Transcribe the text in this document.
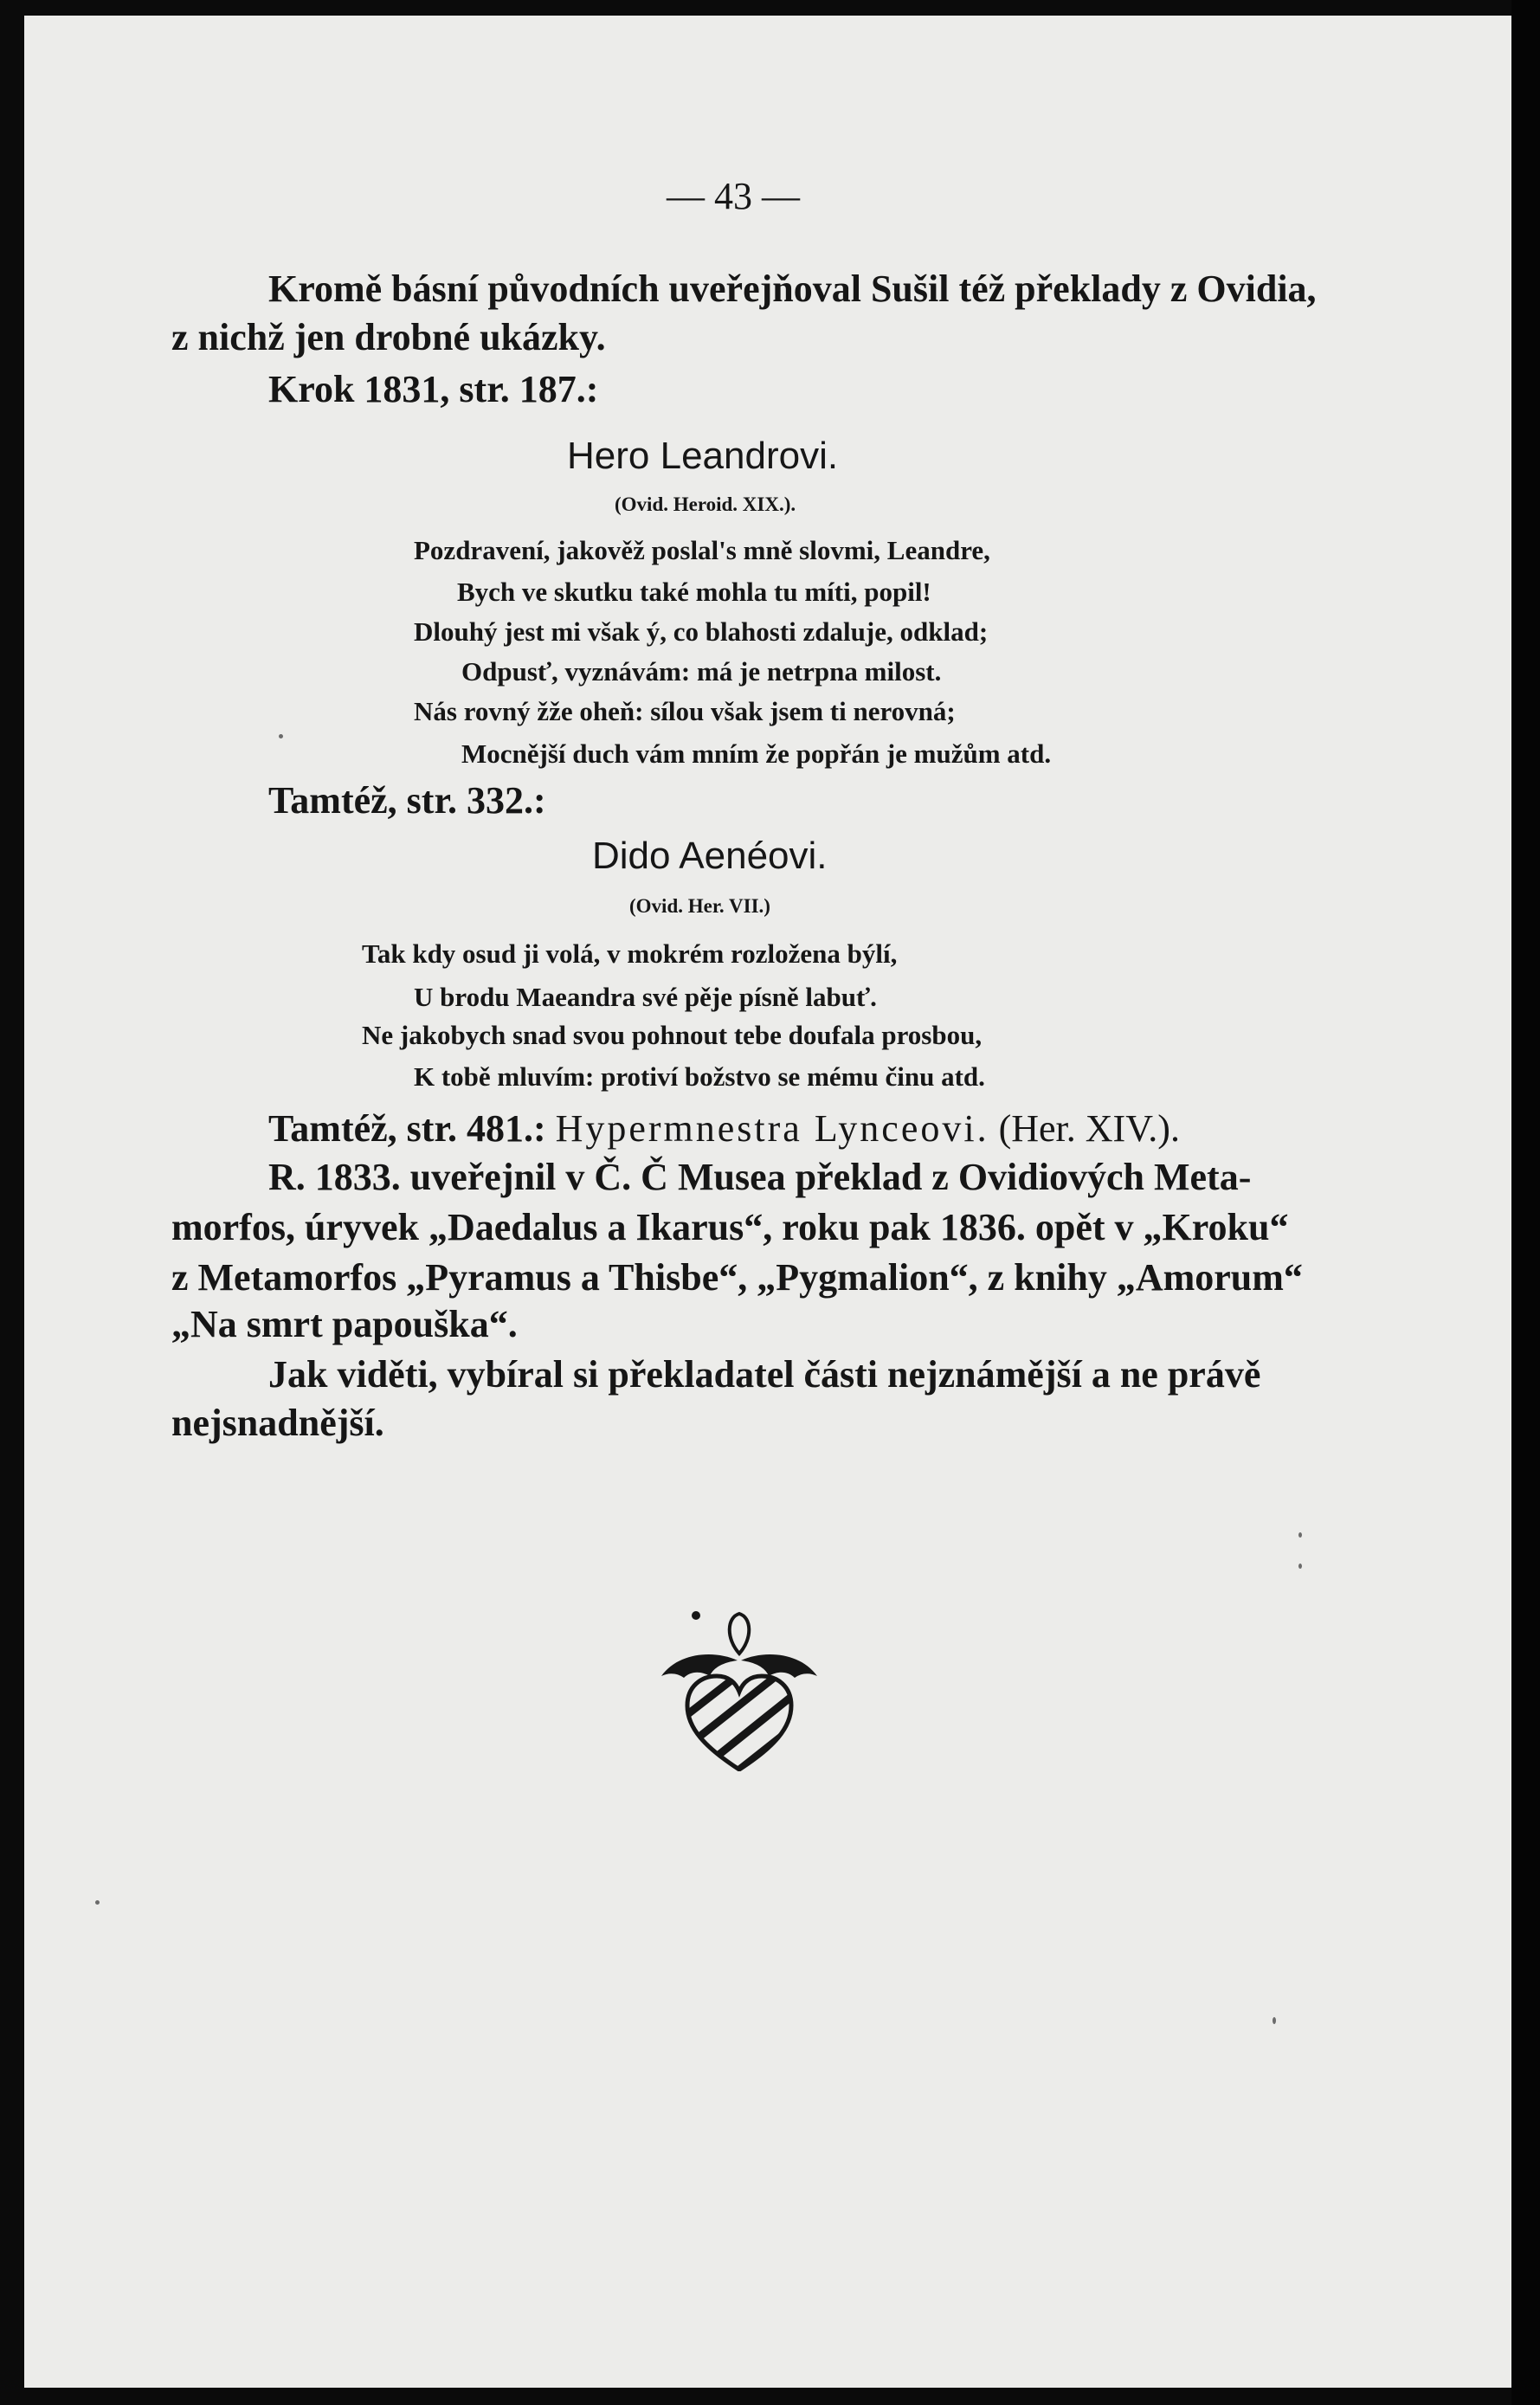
— 43 —

Kromě básní původních uveřejňoval Sušil též překlady z Ovidia,

z nichž jen drobné ukázky.

Krok 1831, str. 187.:

Hero Leandrovi.

(Ovid. Heroid. XIX.).

Pozdravení, jakověž poslal's mně slovmi, Leandre,

Bych ve skutku také mohla tu míti, popil!

Dlouhý jest mi však ý, co blahosti zdaluje, odklad;

Odpusť, vyznávám: má je netrpna milost.

Nás rovný žže oheň: sílou však jsem ti nerovná;

Mocnější duch vám mním že popřán je mužům atd.

Tamtéž, str. 332.:

Dido Aenéovi.

(Ovid. Her. VII.)

Tak kdy osud ji volá, v mokrém rozložena býlí,

U brodu Maeandra své pěje písně labuť.

Ne jakobych snad svou pohnout tebe doufala prosbou,

K tobě mluvím: protiví božstvo se mému činu atd.

Tamtéž, str. 481.: Hypermnestra Lynceovi. (Her. XIV.).

R. 1833. uveřejnil v Č. Č Musea překlad z Ovidiových Meta-

morfos, úryvek „Daedalus a Ikarus“, roku pak 1836. opět v „Kroku“

z Metamorfos „Pyramus a Thisbe“, „Pygmalion“, z knihy „Amorum“

„Na smrt papouška“.

Jak viděti, vybíral si překladatel části nejznámější a ne právě

nejsnadnější.
